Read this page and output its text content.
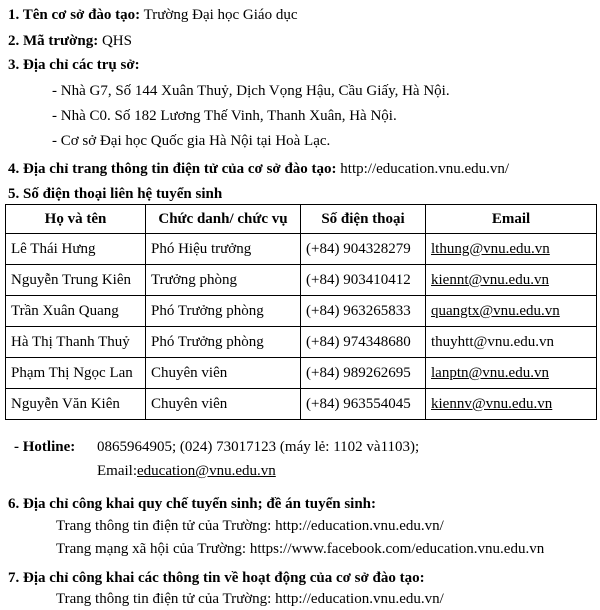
1. Tên cơ sở đào tạo: Trường Đại học Giáo dục
2. Mã trường: QHS
3. Địa chỉ các trụ sở:
- Nhà G7, Số 144 Xuân Thuỷ, Dịch Vọng Hậu, Cầu Giấy, Hà Nội.
- Nhà C0. Số 182 Lương Thế Vinh, Thanh Xuân, Hà Nội.
- Cơ sở Đại học Quốc gia Hà Nội tại Hoà Lạc.
4. Địa chỉ trang thông tin điện tử của cơ sở đào tạo: http://education.vnu.edu.vn/
5. Số điện thoại liên hệ tuyển sinh
Họ và tên	Chức danh/ chức vụ	Số điện thoại	Email
Lê Thái Hưng	Phó Hiệu trưởng	(+84) 904328279	lthung@vnu.edu.vn
Nguyễn Trung Kiên	Trưởng phòng	(+84) 903410412	kiennt@vnu.edu.vn
Trần Xuân Quang	Phó Trưởng phòng	(+84) 963265833	quangtx@vnu.edu.vn
Hà Thị Thanh Thuỷ	Phó Trưởng phòng	(+84) 974348680	thuyhtt@vnu.edu.vn
Phạm Thị Ngọc Lan	Chuyên viên	(+84) 989262695	lanptn@vnu.edu.vn
Nguyễn Văn Kiên	Chuyên viên	(+84) 963554045	kiennv@vnu.edu.vn
- Hotline: 0865964905; (024) 73017123 (máy lẻ: 1102 và1103);
Email:education@vnu.edu.vn
6. Địa chỉ công khai quy chế tuyển sinh; đề án tuyển sinh:
Trang thông tin điện tử của Trường: http://education.vnu.edu.vn/
Trang mạng xã hội của Trường: https://www.facebook.com/education.vnu.edu.vn
7. Địa chỉ công khai các thông tin về hoạt động của cơ sở đào tạo:
Trang thông tin điện tử của Trường: http://education.vnu.edu.vn/
